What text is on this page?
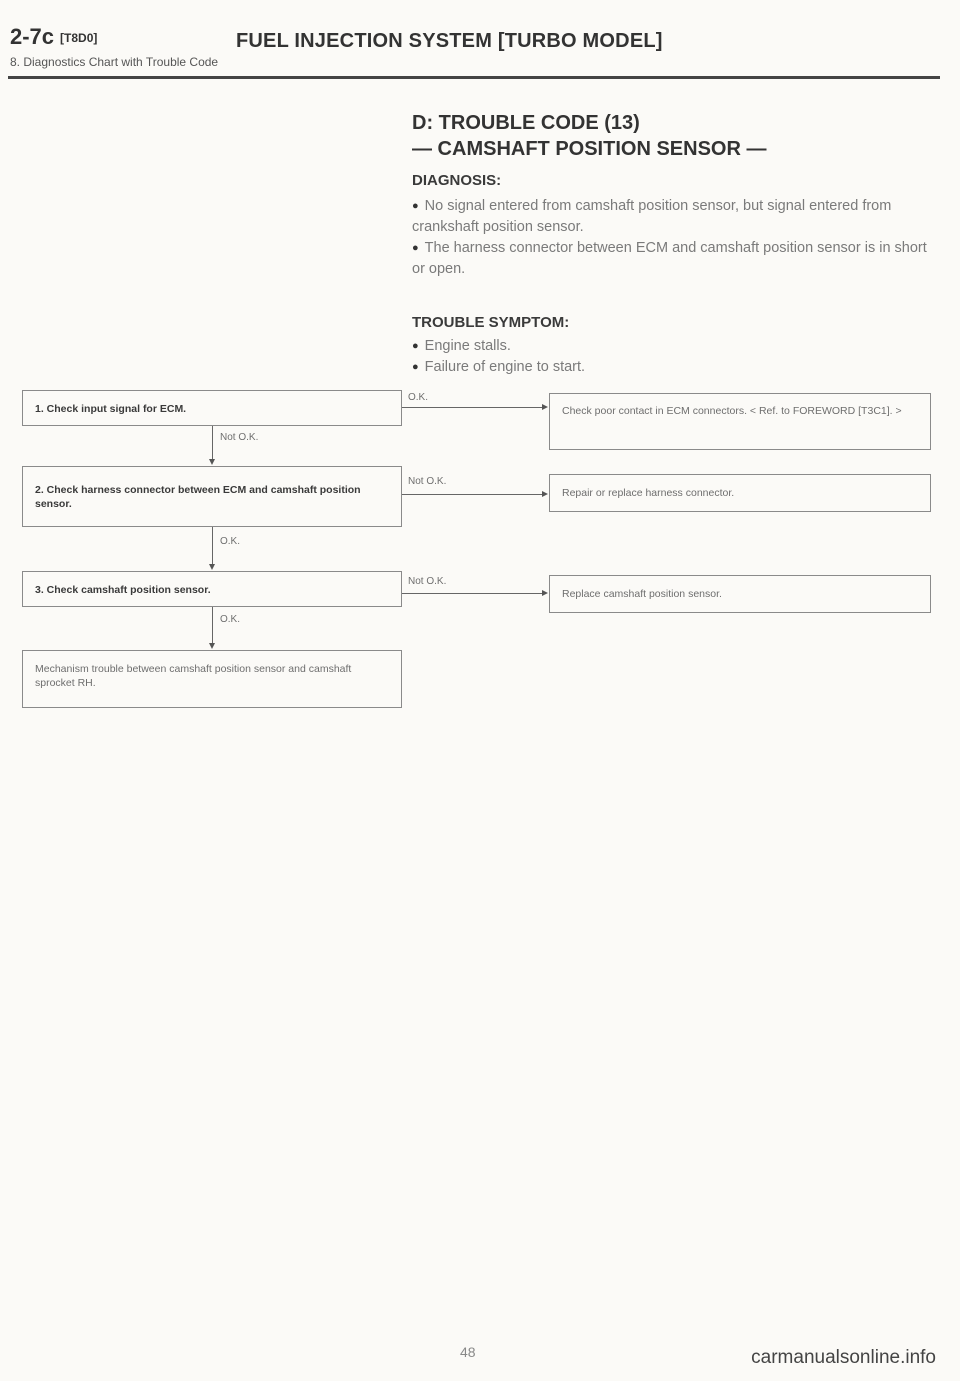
2-7c [T8D0]	FUEL INJECTION SYSTEM [TURBO MODEL]
8. Diagnostics Chart with Trouble Code
D: TROUBLE CODE (13)
— CAMSHAFT POSITION SENSOR —
DIAGNOSIS:
● No signal entered from camshaft position sensor, but signal entered from crankshaft position sensor.
● The harness connector between ECM and camshaft position sensor is in short or open.
TROUBLE SYMPTOM:
● Engine stalls.
● Failure of engine to start.
1. Check input signal for ECM.
O.K.
Check poor contact in ECM connectors. < Ref. to FOREWORD [T3C1]. >
Not O.K.
2. Check harness connector between ECM and camshaft position sensor.
Not O.K.
Repair or replace harness connector.
O.K.
3. Check camshaft position sensor.
Not O.K.
Replace camshaft position sensor.
O.K.
Mechanism trouble between camshaft position sensor and camshaft sprocket RH.
48	carmanualsonline.info
